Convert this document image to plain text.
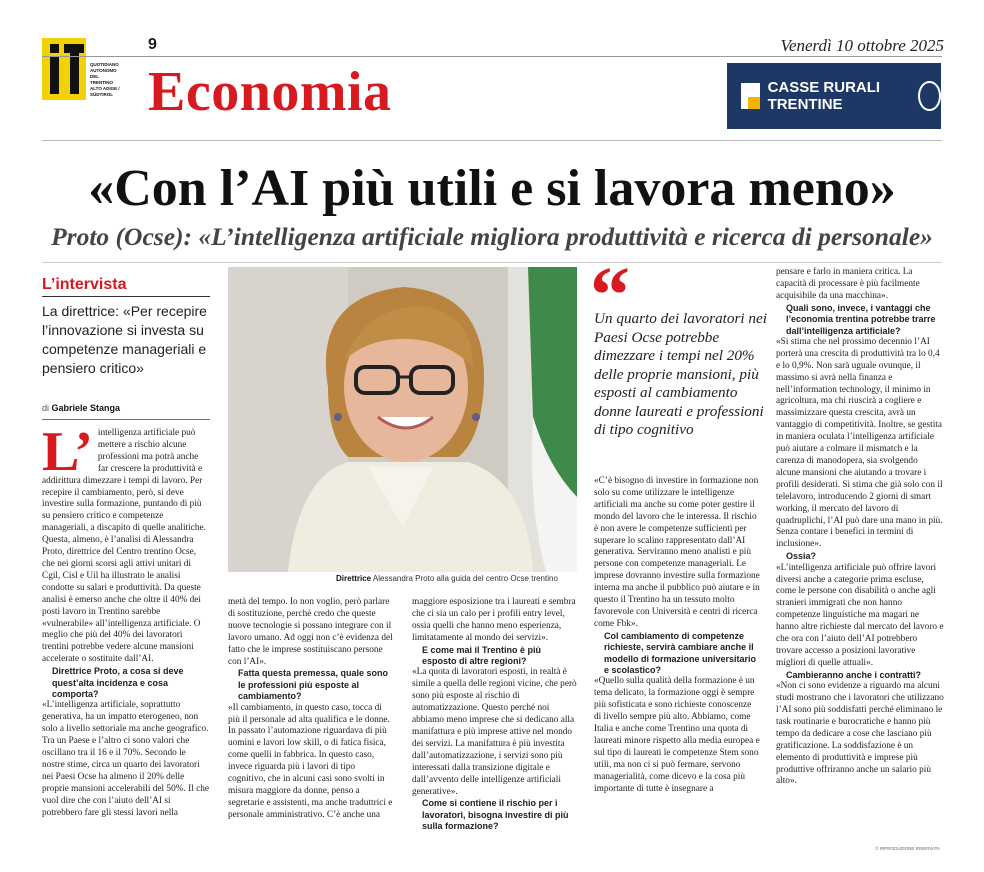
QUOTIDIANO AUTONOMO DEL TRENTINO ALTO ADIGE / SÜDTIROL
9	Venerdì 10 ottobre 2025
Economia	CASSE RURALI TRENTINE
«Con l’AI più utili e si lavora meno»
Proto (Ocse): «L’intelligenza artificiale migliora produttività e ricerca di personale»
L’intervista
La direttrice: «Per recepire l’innovazione si investa su competenze manageriali e pensiero critico»
di Gabriele Stanga
Direttrice Alessandra Proto alla guida del centro Ocse trentino
“
Un quarto dei lavoratori nei Paesi Ocse potrebbe dimezzare i tempi nel 20% delle proprie mansioni, più esposti al cambiamento donne laureati e professioni di tipo cognitivo
L’ intelligenza artificiale può mettere a rischio alcune professioni ma potrà anche far crescere la produttività e addirittura dimezzare i tempi di lavoro. Per recepire il cambiamento, però, si deve investire sulla formazione, puntando di più su pensiero critico e competenze manageriali, a discapito di quelle analitiche. Questa, almeno, è l’analisi di Alessandra Proto, direttrice del Centro trentino Ocse, che nei giorni scorsi agli attivi unitari di Cgil, Cisl e Uil ha illustrato le analisi condotte su salari e produttività. Da queste analisi è emerso anche che oltre il 40% dei posti lavoro in Trentino sarebbe «vulnerabile» all’intelligenza artificiale. O meglio che più del 40% dei lavoratori trentini potrebbe vedere alcune mansioni accelerate o sostituite dall’AI.

Direttrice Proto, a cosa si deve quest’alta incidenza e cosa comporta?

«L’intelligenza artificiale, soprattutto generativa, ha un impatto eterogeneo, non solo a livello settoriale ma anche geografico. Tra un Paese e l’altro ci sono valori che oscillano tra il 16 e il 70%. Secondo le nostre stime, circa un quarto dei lavoratori nei Paesi Ocse ha almeno il 20% delle proprie mansioni accelerabili del 50%. Il che vuol dire che con l’aiuto dell’AI si potrebbero fare gli stessi lavori nella

metà del tempo. Io non voglio, però parlare di sostituzione, perché credo che queste nuove tecnologie si possano integrare con il lavoro umano. Ad oggi non c’è evidenza del fatto che le imprese sostituiscano persone con l’AI».

Fatta questa premessa, quale sono le professioni più esposte al cambiamento?

«Il cambiamento, in questo caso, tocca di più il personale ad alta qualifica e le donne. In passato l’automazione riguardava di più uomini e lavori low skill, o di fatica fisica, come quelli in fabbrica. In questo caso, invece riguarda più i lavori di tipo cognitivo, che in alcuni casi sono svolti in misura maggiore da donne, penso a segretarie e assistenti, ma anche traduttrici e personale amministrativo. C’è anche una

maggiore esposizione tra i laureati e sembra che ci sia un calo per i profili entry level, ossia quelli che hanno meno esperienza, limitatamente al mondo dei servizi».

E come mai il Trentino è più esposto di altre regioni?

«La quota di lavoratori esposti, in realtà è simile a quella delle regioni vicine, che però sono più esposte al rischio di automatizzazione. Questo perché noi abbiamo meno imprese che si dedicano alla manifattura e più imprese attive nel mondo dei servizi. La manifattura è più investita dall’automatizzazione, i servizi sono più interessati dalla transizione digitale e dall’avvento delle intelligenze artificiali generative».

Come si contiene il rischio per i lavoratori, bisogna investire di più sulla formazione?

«C’è bisogno di investire in formazione non solo su come utilizzare le intelligenze artificiali ma anche su come poter gestire il mondo del lavoro che le interessa. Il rischio è non avere le competenze sufficienti per superare lo scalino rappresentato dall’AI generativa. Serviranno meno analisti e più persone con competenze manageriali. Le imprese dovranno investire sulla formazione interna ma anche il pubblico può aiutare e in questo il Trentino ha un tessuto molto favorevole con Università e centri di ricerca come Fbk».

Col cambiamento di competenze richieste, servirà cambiare anche il modello di formazione universitario e scolastico?

«Quello sulla qualità della formazione è un tema delicato, la formazione oggi è sempre più sofisticata e sono richieste conoscenze di livello sempre più alto. Abbiamo, come Italia e anche come Trentino una quota di laureati minore rispetto alla media europea e sul tipo di laureati le competenze Stem sono utili, ma non ci si può fermare, servono managerialità, come dicevo e la cosa più importante di tutte è insegnare a

pensare e farlo in maniera critica. La capacità di processare è più facilmente acquisibile da una macchina».

Quali sono, invece, i vantaggi che l’economia trentina potrebbe trarre dall’intelligenza artificiale?

«Si stima che nel prossimo decennio l’AI porterà una crescita di produttività tra lo 0,4 e lo 0,9%. Non sarà uguale ovunque, il massimo si avrà nella finanza e nell’information technology, il minimo in agricoltura, ma chi riuscirà a cogliere e massimizzare questa crescita, avrà un vantaggio di competitività. Inoltre, se gestita in maniera oculata l’intelligenza artificiale può aiutare a colmare il mismatch e la carenza di manodopera, sia svolgendo alcune mansioni che aiutando a trovare i profili desiderati. Si stima che già solo con il telelavoro, introducendo 2 giorni di smart working, il mercato del lavoro di quadruplichi, l’AI può dare una mano in più. Senza contare i benefici in termini di inclusione».

Ossia?

«L’intelligenza artificiale può offrire lavori diversi anche a categorie prima escluse, come le persone con disabilità o anche agli stranieri immigrati che non hanno competenze linguistiche ma magari ne hanno altre richieste dal mercato del lavoro e che ora con l’aiuto dell’AI potrebbero trovare accesso a posizioni lavorative migliori di quelle attuali».

Cambieranno anche i contratti?

«Non ci sono evidenze a riguardo ma alcuni studi mostrano che i lavoratori che utilizzano l’AI sono più soddisfatti perché eliminano le task routinarie e burocratiche e hanno più tempo da dedicare a cose che lasciano più gratificazione. La soddisfazione è un elemento di produttività e imprese più produttive offriranno anche un salario più alto».

© RIPRODUZIONE RISERVATA
